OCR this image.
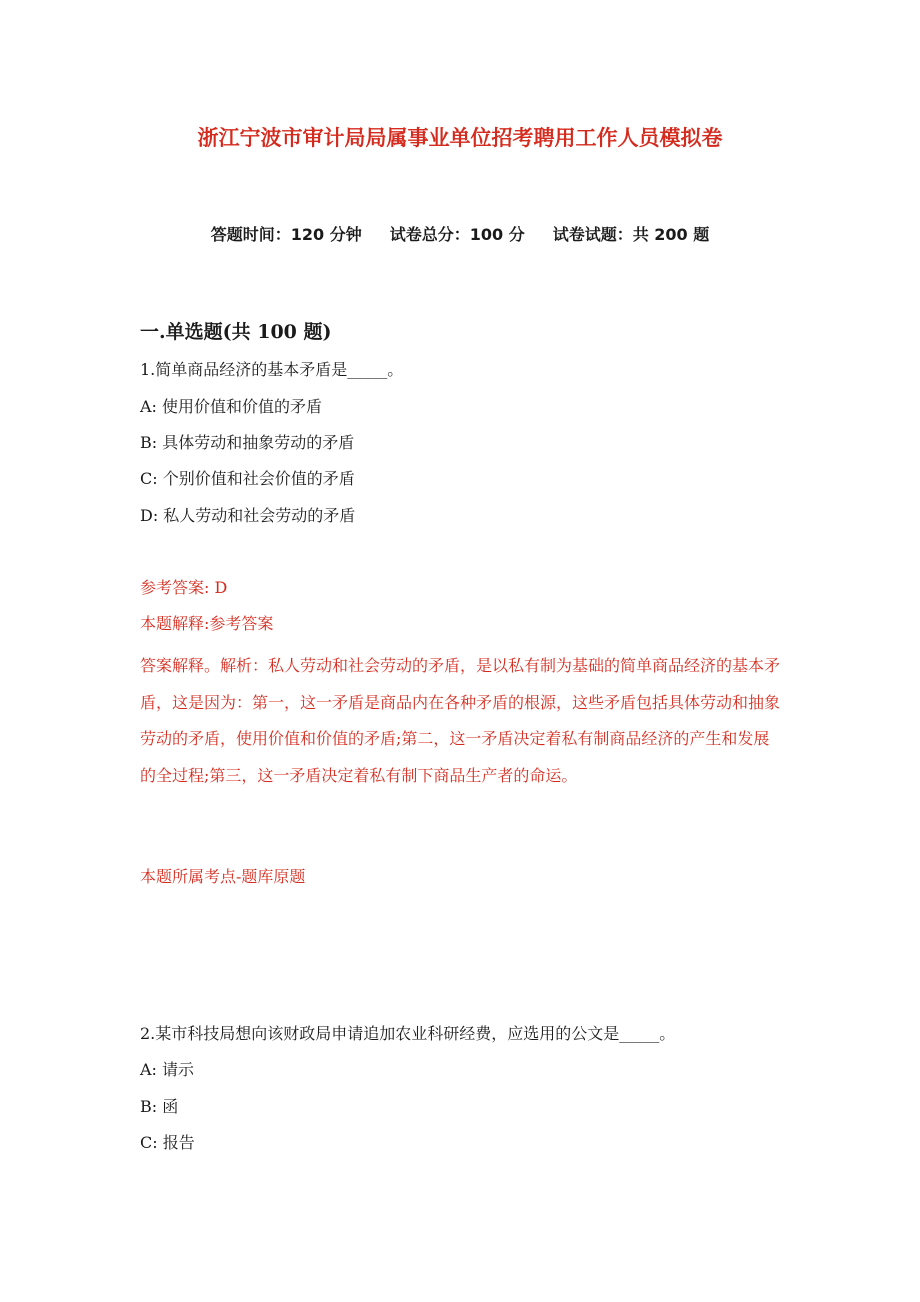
浙江宁波市审计局局属事业单位招考聘用工作人员模拟卷
答题时间：120 分钟 试卷总分：100 分 试卷试题：共 200 题
一.单选题(共 100 题)
1.简单商品经济的基本矛盾是_____。
A: 使用价值和价值的矛盾
B: 具体劳动和抽象劳动的矛盾
C: 个别价值和社会价值的矛盾
D: 私人劳动和社会劳动的矛盾
参考答案: D
本题解释:参考答案
答案解释。解析：私人劳动和社会劳动的矛盾，是以私有制为基础的简单商品经济的基本矛盾，这是因为：第一，这一矛盾是商品内在各种矛盾的根源，这些矛盾包括具体劳动和抽象劳动的矛盾，使用价值和价值的矛盾;第二，这一矛盾决定着私有制商品经济的产生和发展的全过程;第三，这一矛盾决定着私有制下商品生产者的命运。
本题所属考点-题库原题
2.某市科技局想向该财政局申请追加农业科研经费，应选用的公文是_____。
A: 请示
B: 函
C: 报告
